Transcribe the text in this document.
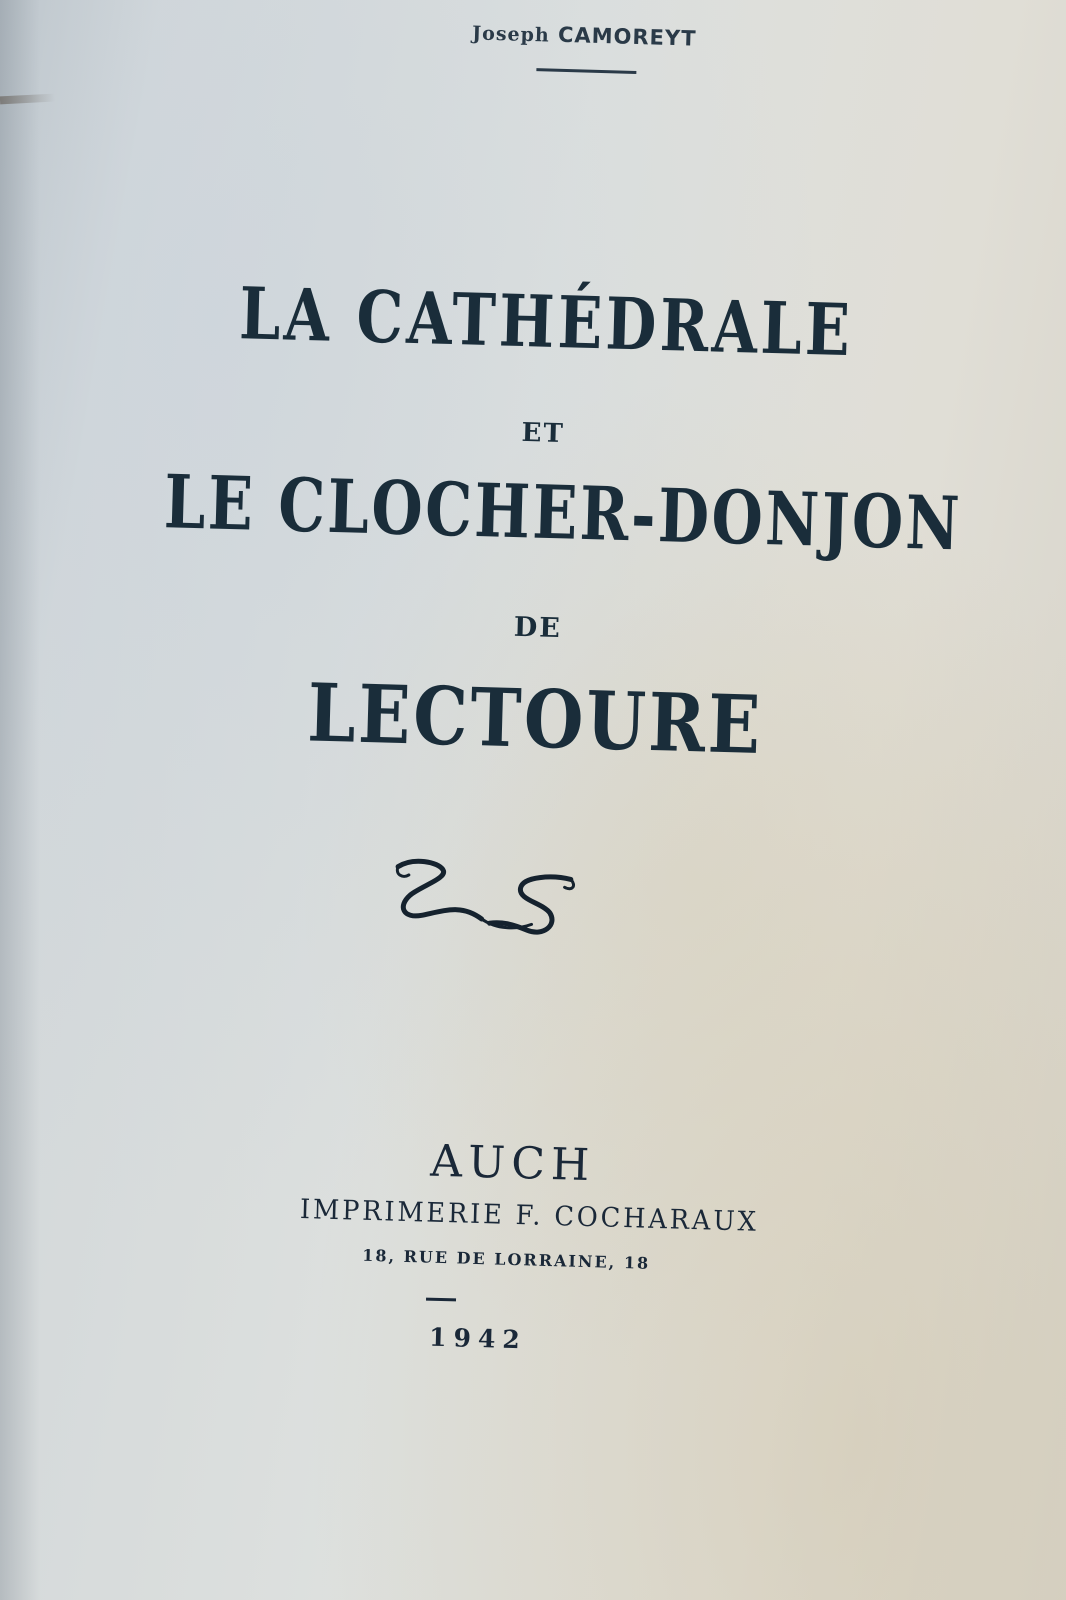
Joseph CAMOREYT
LA CATHÉDRALE
ET
LE CLOCHER-DONJON
DE
LECTOURE
AUCH
IMPRIMERIE F. COCHARAUX
18, RUE DE LORRAINE, 18
1942
